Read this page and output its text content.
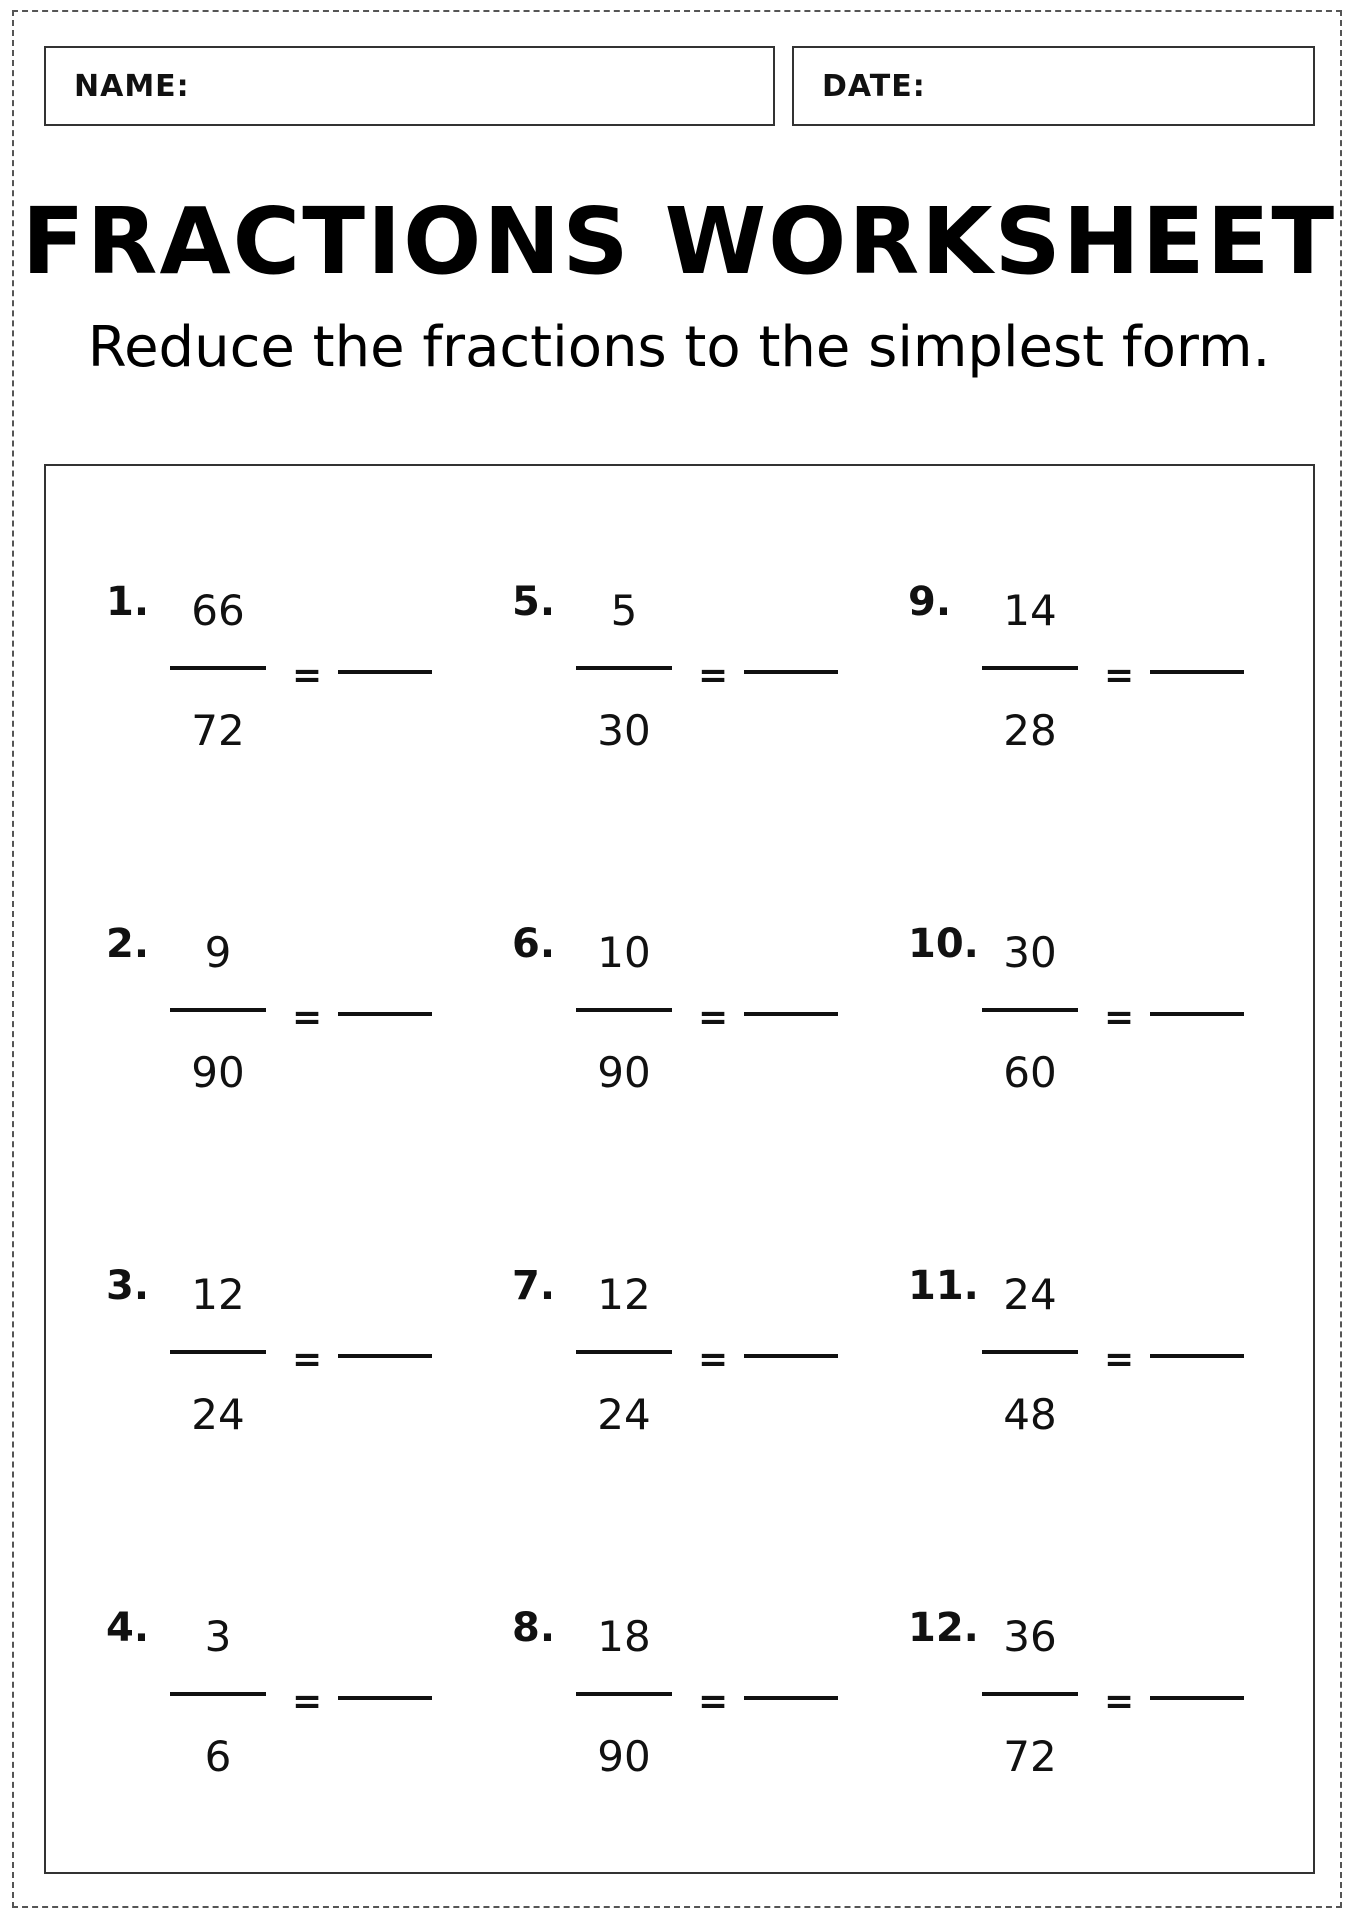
NAME:	DATE:
FRACTIONS WORKSHEET
Reduce the fractions to the simplest form.
1.	66
72
=
2.	9
90
=
3.	12
24
=
4.	3
6
=
5.	5
30
=
6.	10
90
=
7.	12
24
=
8.	18
90
=
9.	14
28
=
10. 30
60
=
11. 24
48
=
12. 36
72
=
